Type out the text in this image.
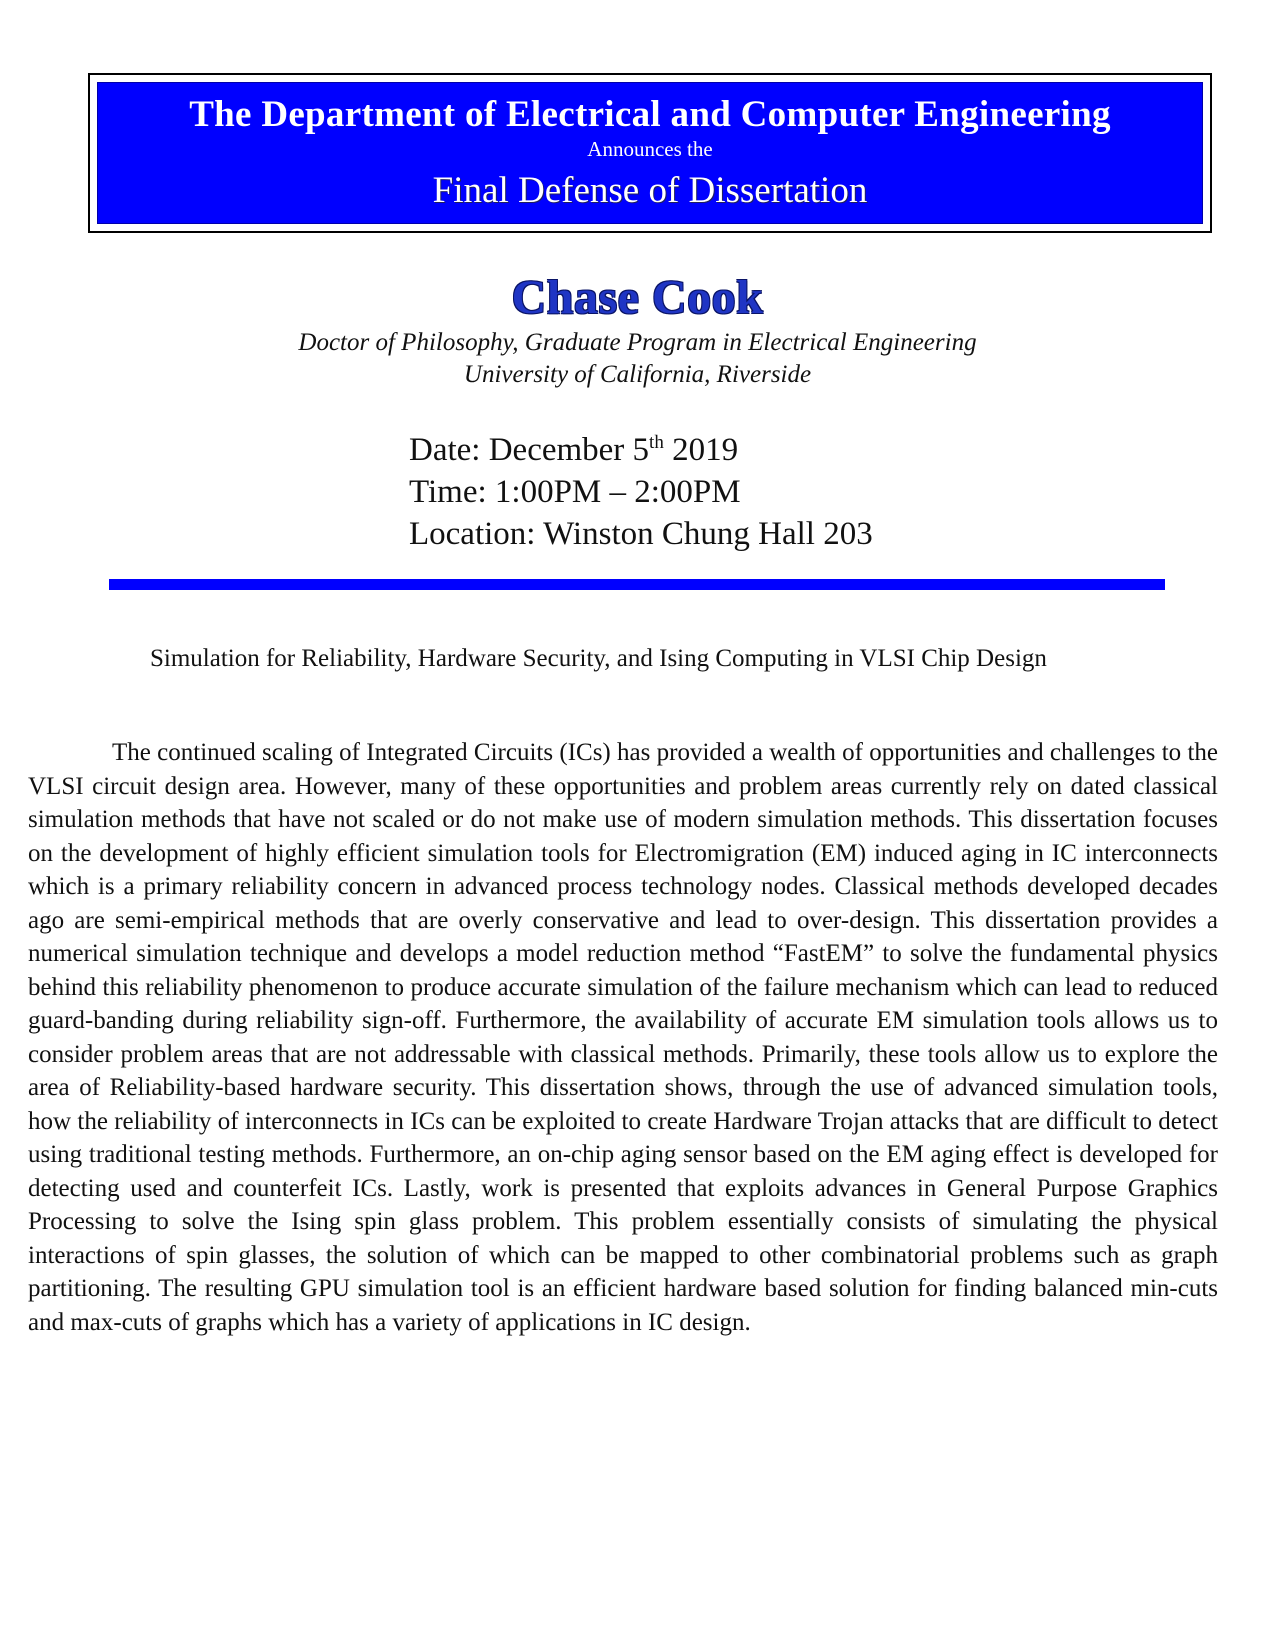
The Department of Electrical and Computer Engineering
Announces the
Final Defense of Dissertation
Chase Cook
Doctor of Philosophy, Graduate Program in Electrical Engineering
University of California, Riverside
Date: December 5th 2019
Time: 1:00PM – 2:00PM
Location: Winston Chung Hall 203
Simulation for Reliability, Hardware Security, and Ising Computing in VLSI Chip Design

The continued scaling of Integrated Circuits (ICs) has provided a wealth of opportunities and challenges to the VLSI circuit design area. However, many of these opportunities and problem areas currently rely on dated classical simulation methods that have not scaled or do not make use of modern simulation methods. This dissertation focuses on the development of highly efficient simulation tools for Electromigration (EM) induced aging in IC interconnects which is a primary reliability concern in advanced process technology nodes. Classical methods developed decades ago are semi-empirical methods that are overly conservative and lead to over-design. This dissertation provides a numerical simulation technique and develops a model reduction method “FastEM” to solve the fundamental physics behind this reliability phenomenon to produce accurate simulation of the failure mechanism which can lead to reduced guard-banding during reliability sign-off. Furthermore, the availability of accurate EM simulation tools allows us to consider problem areas that are not addressable with classical methods. Primarily, these tools allow us to explore the area of Reliability-based hardware security. This dissertation shows, through the use of advanced simulation tools, how the reliability of interconnects in ICs can be exploited to create Hardware Trojan attacks that are difficult to detect using traditional testing methods. Furthermore, an on-chip aging sensor based on the EM aging effect is developed for detecting used and counterfeit ICs. Lastly, work is presented that exploits advances in General Purpose Graphics Processing to solve the Ising spin glass problem. This problem essentially consists of simulating the physical interactions of spin glasses, the solution of which can be mapped to other combinatorial problems such as graph partitioning. The resulting GPU simulation tool is an efficient hardware based solution for finding balanced min-cuts and max-cuts of graphs which has a variety of applications in IC design.
